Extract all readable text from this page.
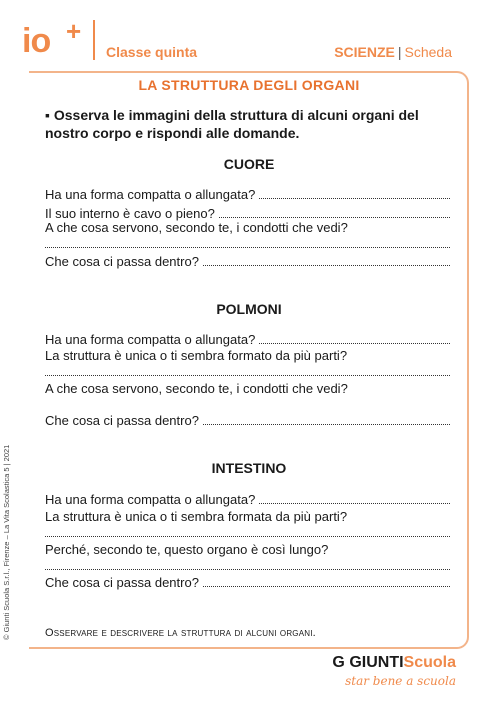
io +
Classe quinta	SCIENZE | Scheda
LA STRUTTURA DEGLI ORGANI
▪ Osserva le immagini della struttura di alcuni organi del nostro corpo e rispondi alle domande.
CUORE
Ha una forma compatta o allungata?
Il suo interno è cavo o pieno?
A che cosa servono, secondo te, i condotti che vedi?
Che cosa ci passa dentro?
POLMONI
Ha una forma compatta o allungata?
La struttura è unica o ti sembra formato da più parti?
A che cosa servono, secondo te, i condotti che vedi?
Che cosa ci passa dentro?
INTESTINO
Ha una forma compatta o allungata?
La struttura è unica o ti sembra formata da più parti?
Perché, secondo te, questo organo è così lungo?
Che cosa ci passa dentro?
Osservare e descrivere la struttura di alcuni organi.
© Giunti Scuola S.r.l., Firenze – La Vita Scolastica 5 | 2021
G GIUNTIScuola
star bene a scuola
